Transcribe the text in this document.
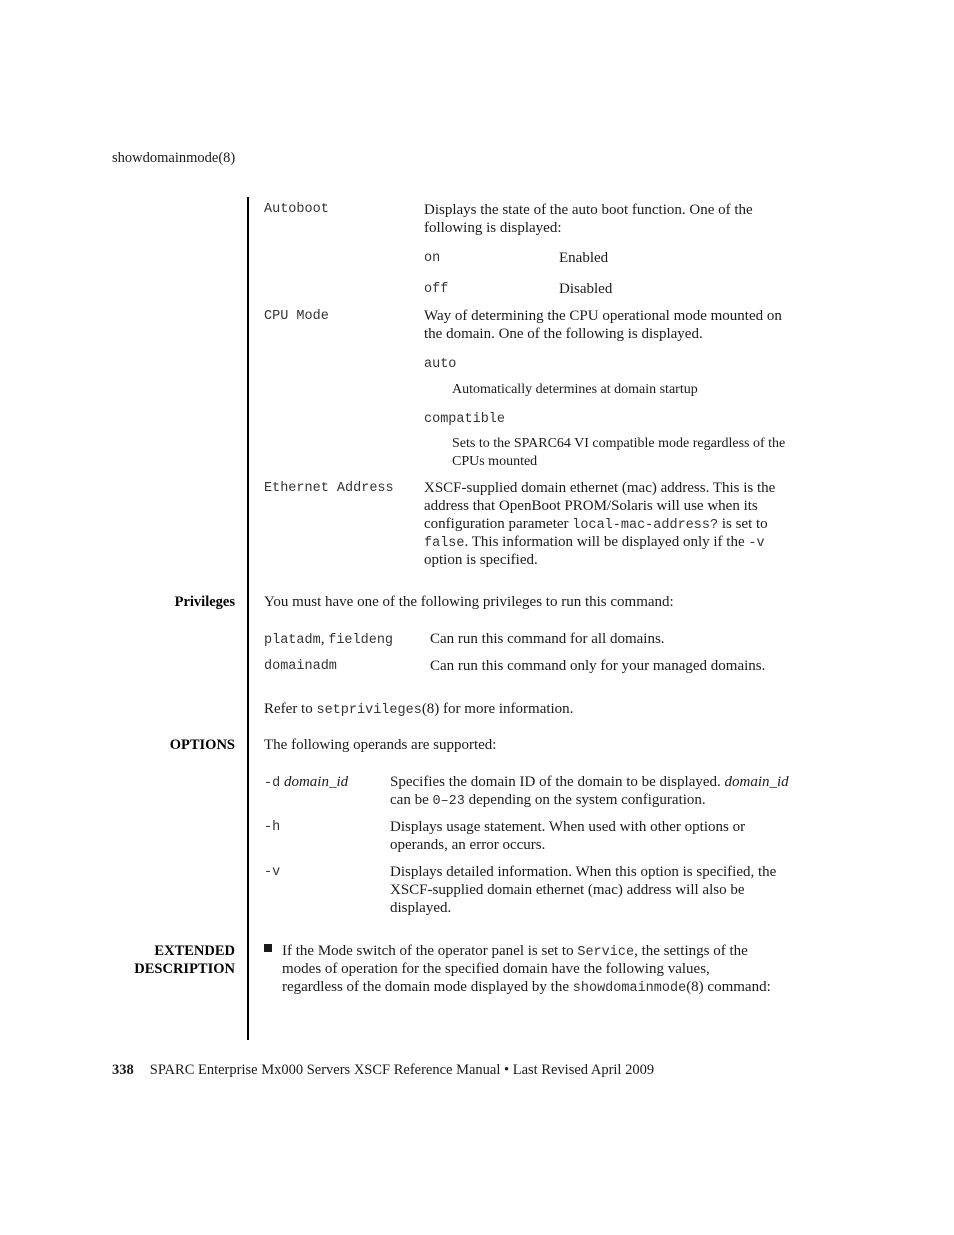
showdomainmode(8)
Autoboot	Displays the state of the auto boot function. One of the
following is displayed:
on	Enabled
off	Disabled
CPU Mode	Way of determining the CPU operational mode mounted on
the domain. One of the following is displayed.
auto
Automatically determines at domain startup
compatible
Sets to the SPARC64 VI compatible mode regardless of the
CPUs mounted
Ethernet Address XSCF-supplied domain ethernet (mac) address. This is the
address that OpenBoot PROM/Solaris will use when its
configuration parameter local-mac-address? is set to
false. This information will be displayed only if the -v
option is specified.
Privileges You must have one of the following privileges to run this command:
platadm, fieldeng Can run this command for all domains.
domainadm	Can run this command only for your managed domains.
Refer to setprivileges(8) for more information.
OPTIONS The following operands are supported:
-d domain_id	Specifies the domain ID of the domain to be displayed. domain_id
can be 0–23 depending on the system configuration.
-h	Displays usage statement. When used with other options or
operands, an error occurs.
-v	Displays detailed information. When this option is specified, the
XSCF-supplied domain ethernet (mac) address will also be
displayed.
EXTENDED
DESCRIPTION
If the Mode switch of the operator panel is set to Service, the settings of the
modes of operation for the specified domain have the following values,
regardless of the domain mode displayed by the showdomainmode(8) command:
338 SPARC Enterprise Mx000 Servers XSCF Reference Manual • Last Revised April 2009
